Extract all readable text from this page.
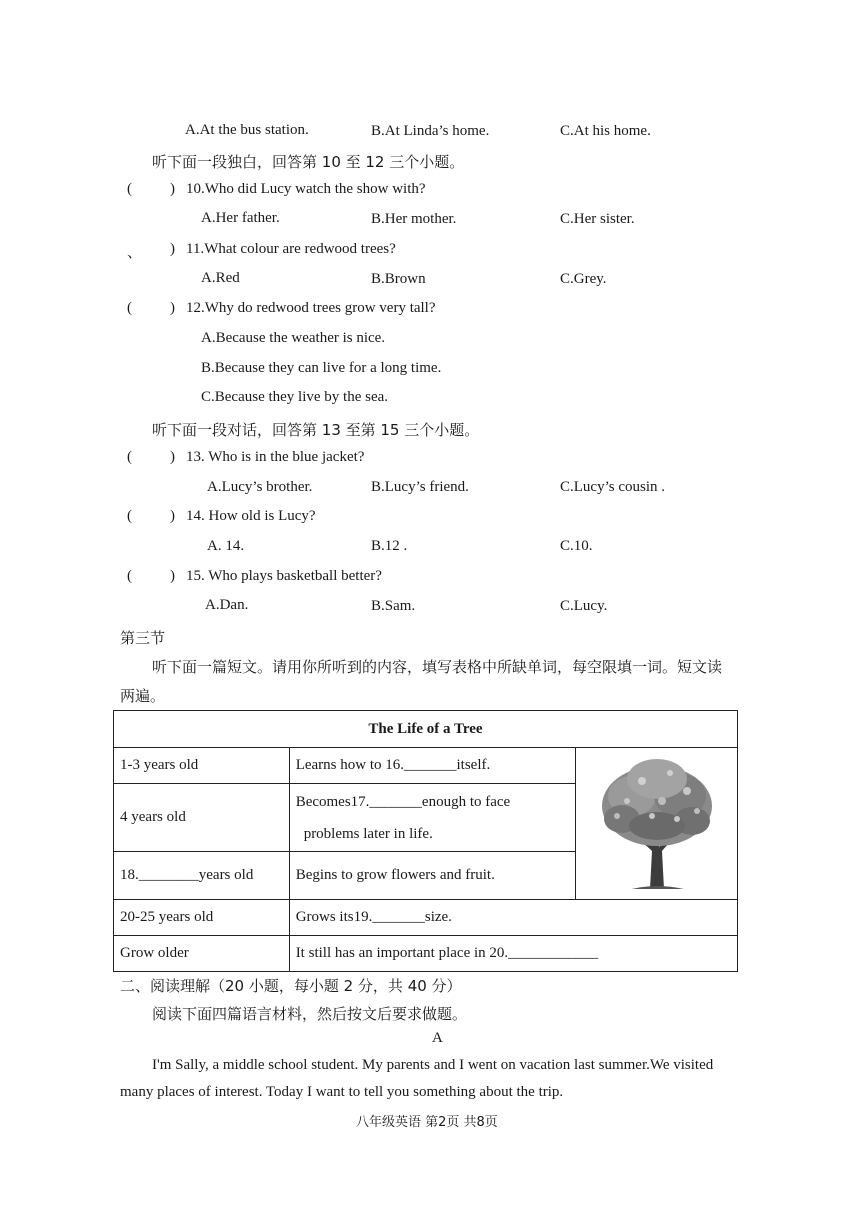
A.At the bus station.	B.At Linda’s home.	C.At his home.
听下面一段独白，回答第 10 至 12 三个小题。
(	) 10.Who did Lucy watch the show with?
A.Her father.	B.Her mother.	C.Her sister.
、 ) 11.What colour are redwood trees?
A.Red	B.Brown	C.Grey.
(	) 12.Why do redwood trees grow very tall?
A.Because the weather is nice.
B.Because they can live for a long time.
C.Because they live by the sea.
听下面一段对话，回答第 13 至第 15 三个小题。
(	) 13. Who is in the blue jacket?
A.Lucy’s brother.	B.Lucy’s friend.	C.Lucy’s cousin .
(	) 14. How old is Lucy?
A. 14.	B.12 .	C.10.
(	) 15. Who plays basketball better?
A.Dan.	B.Sam.	C.Lucy.
第三节
听下面一篇短文。请用你所听到的内容，填写表格中所缺单词，每空限填一词。短文读
两遍。
The Life of a Tree		
1-3 years old	Learns how to 16._______itself.	
4 years old	Becomes17._______enough to face
problems later in life.	

18.________years old	Begins to grow flowers and fruit.	
20-25 years old	Grows its19._______size.	
Grow older	It still has an important place in 20.____________	
二、阅读理解（20 小题，每小题 2 分，共 40 分）
阅读下面四篇语言材料，然后按文后要求做题。
A
I'm Sally, a middle school student. My parents and I went on vacation last summer.We visited
many places of interest. Today I want to tell you something about the trip.
八年级英语 第2页 共8页
